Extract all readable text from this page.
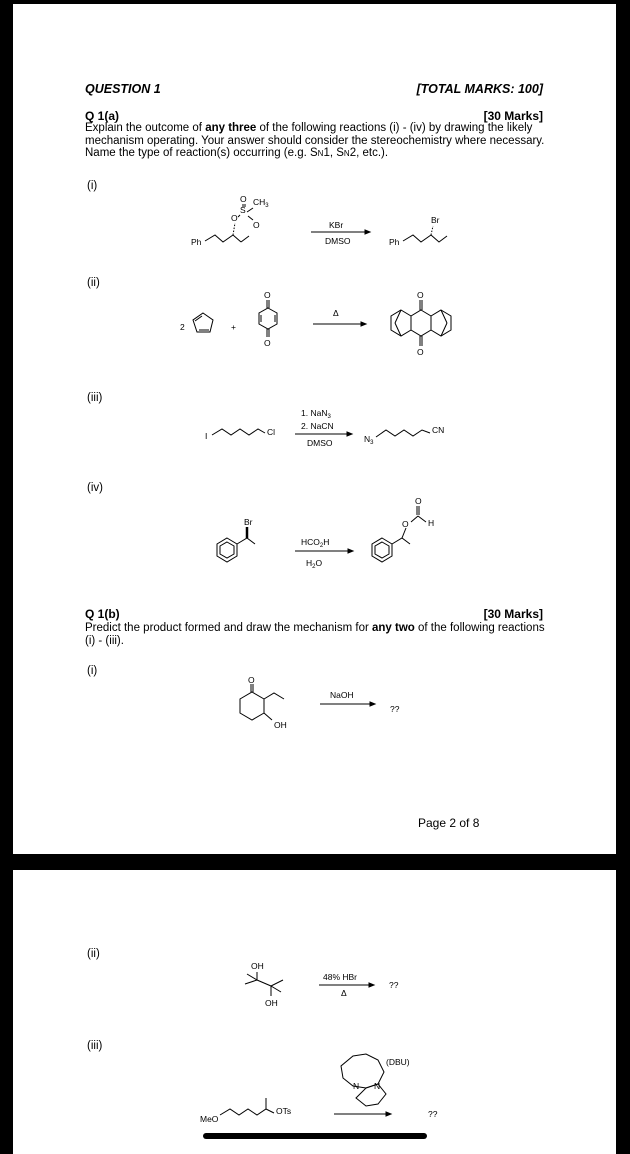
QUESTION 1	[TOTAL MARKS: 100]
Q 1(a)	[30 Marks]
Explain the outcome of any three of the following reactions (i) - (iv) by drawing the likely mechanism operating. Your answer should consider the stereochemistry where necessary. Name the type of reaction(s) occurring (e.g. SN1, SN2, etc.).
(i)
(ii)
(iii)
(iv)
Ph
O
S
O
O
$CH_3$
KBr
DMSO	Ph
Br
2	+
O
O
Δ
O
O
I	Cl
1. NaN$_3$
2. NaCN
DMSO	$N_3$
CN
Br
$HCO_2H$
$H_2O$
O
O
H
Q 1(b)	[30 Marks]
Predict the product formed and draw the mechanism for any two of the following reactions (i) - (iii).
(i)
O
OH
NaOH
??
Page 2 of 8
(ii)
OH
OH
48% HBr
Δ
??
(iii)
(DBU)
N N
MeO
OTs	??
